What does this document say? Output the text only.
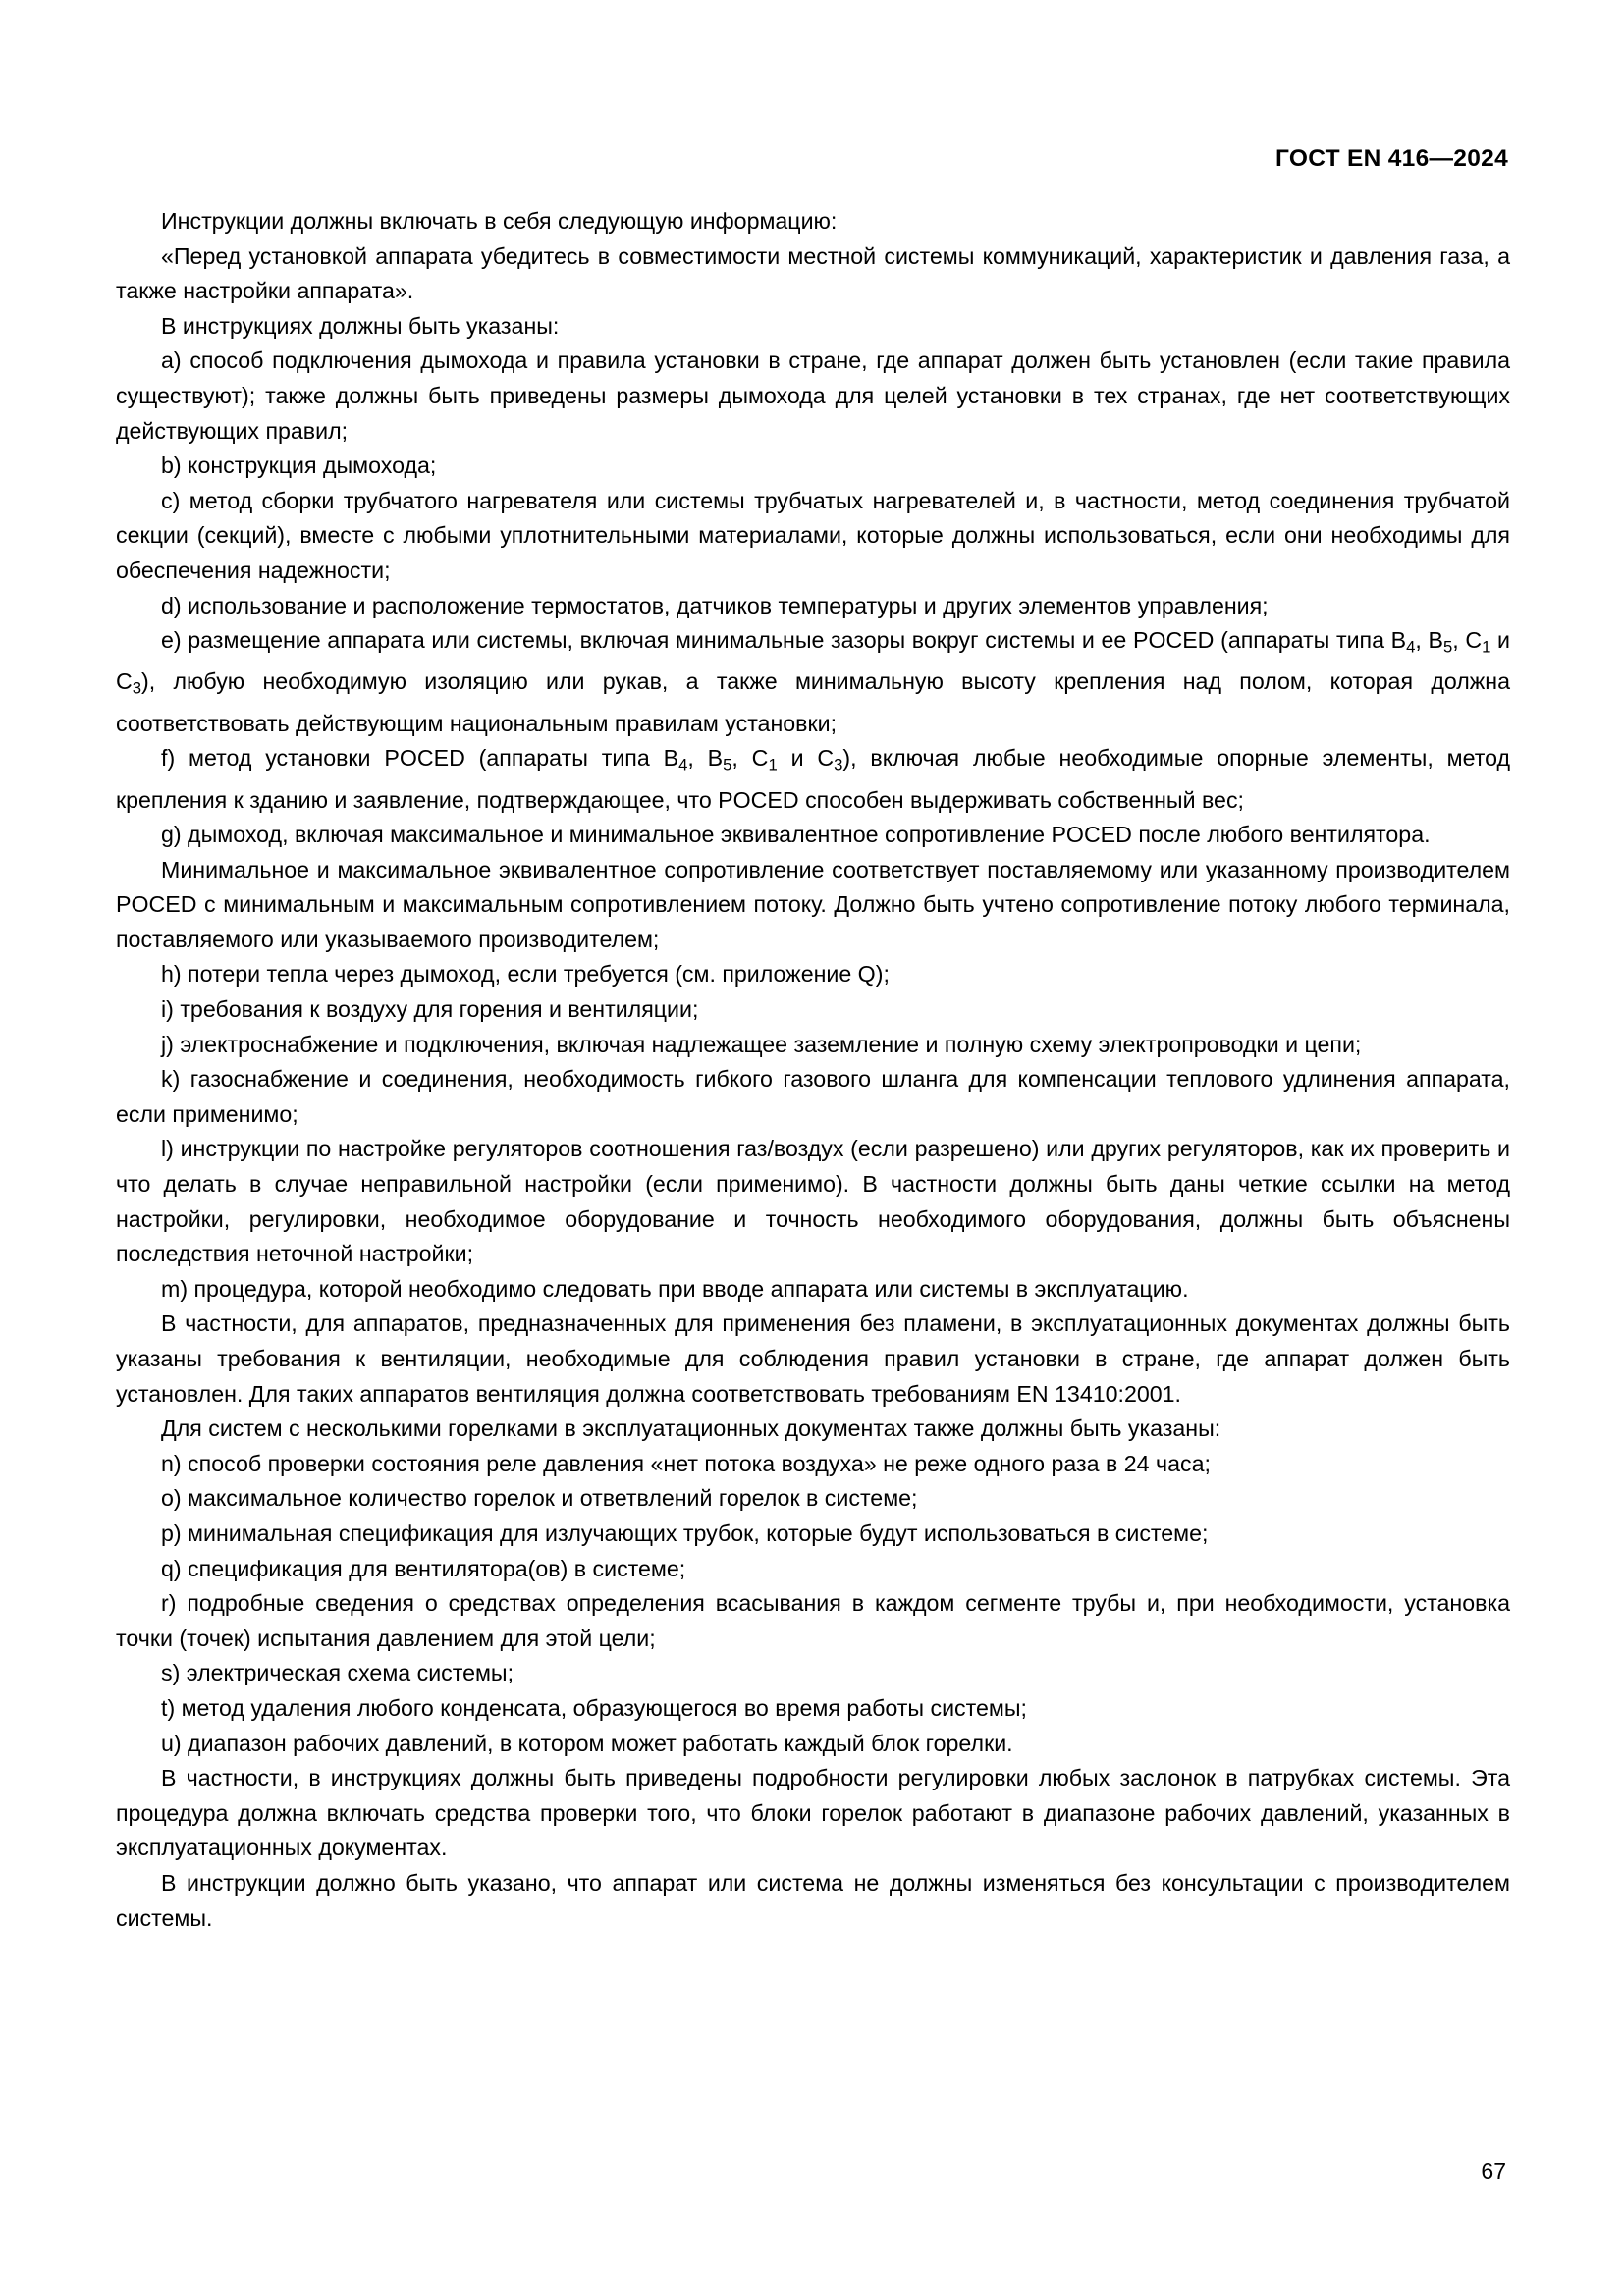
ГОСТ EN 416—2024

Инструкции должны включать в себя следующую информацию:

«Перед установкой аппарата убедитесь в совместимости местной системы коммуникаций, характеристик и давления газа, а также настройки аппарата».

В инструкциях должны быть указаны:

a) способ подключения дымохода и правила установки в стране, где аппарат должен быть установлен (если такие правила существуют); также должны быть приведены размеры дымохода для целей установки в тех странах, где нет соответствующих действующих правил;

b) конструкция дымохода;

c) метод сборки трубчатого нагревателя или системы трубчатых нагревателей и, в частности, метод соединения трубчатой секции (секций), вместе с любыми уплотнительными материалами, которые должны использоваться, если они необходимы для обеспечения надежности;

d) использование и расположение термостатов, датчиков температуры и других элементов управления;

e) размещение аппарата или системы, включая минимальные зазоры вокруг системы и ее POCED (аппараты типа $B_4$, $B_5$, $C_1$ и $C_3$), любую необходимую изоляцию или рукав, а также минимальную высоту крепления над полом, которая должна соответствовать действующим национальным правилам установки;

f) метод установки POCED (аппараты типа $B_4$, $B_5$, $C_1$ и $C_3$), включая любые необходимые опорные элементы, метод крепления к зданию и заявление, подтверждающее, что POCED способен выдерживать собственный вес;

g) дымоход, включая максимальное и минимальное эквивалентное сопротивление POCED после любого вентилятора.

Минимальное и максимальное эквивалентное сопротивление соответствует поставляемому или указанному производителем POCED с минимальным и максимальным сопротивлением потоку. Должно быть учтено сопротивление потоку любого терминала, поставляемого или указываемого производителем;

h) потери тепла через дымоход, если требуется (см. приложение Q);

i) требования к воздуху для горения и вентиляции;

j) электроснабжение и подключения, включая надлежащее заземление и полную схему электропроводки и цепи;

k) газоснабжение и соединения, необходимость гибкого газового шланга для компенсации теплового удлинения аппарата, если применимо;

l) инструкции по настройке регуляторов соотношения газ/воздух (если разрешено) или других регуляторов, как их проверить и что делать в случае неправильной настройки (если применимо). В частности должны быть даны четкие ссылки на метод настройки, регулировки, необходимое оборудование и точность необходимого оборудования, должны быть объяснены последствия неточной настройки;

m) процедура, которой необходимо следовать при вводе аппарата или системы в эксплуатацию.

В частности, для аппаратов, предназначенных для применения без пламени, в эксплуатационных документах должны быть указаны требования к вентиляции, необходимые для соблюдения правил установки в стране, где аппарат должен быть установлен. Для таких аппаратов вентиляция должна соответствовать требованиям EN 13410:2001.

Для систем с несколькими горелками в эксплуатационных документах также должны быть указаны:

n) способ проверки состояния реле давления «нет потока воздуха» не реже одного раза в 24 часа;

o) максимальное количество горелок и ответвлений горелок в системе;

p) минимальная спецификация для излучающих трубок, которые будут использоваться в системе;

q) спецификация для вентилятора(ов) в системе;

r) подробные сведения о средствах определения всасывания в каждом сегменте трубы и, при необходимости, установка точки (точек) испытания давлением для этой цели;

s) электрическая схема системы;

t) метод удаления любого конденсата, образующегося во время работы системы;

u) диапазон рабочих давлений, в котором может работать каждый блок горелки.

В частности, в инструкциях должны быть приведены подробности регулировки любых заслонок в патрубках системы. Эта процедура должна включать средства проверки того, что блоки горелок работают в диапазоне рабочих давлений, указанных в эксплуатационных документах.

В инструкции должно быть указано, что аппарат или система не должны изменяться без консультации с производителем системы.

67
